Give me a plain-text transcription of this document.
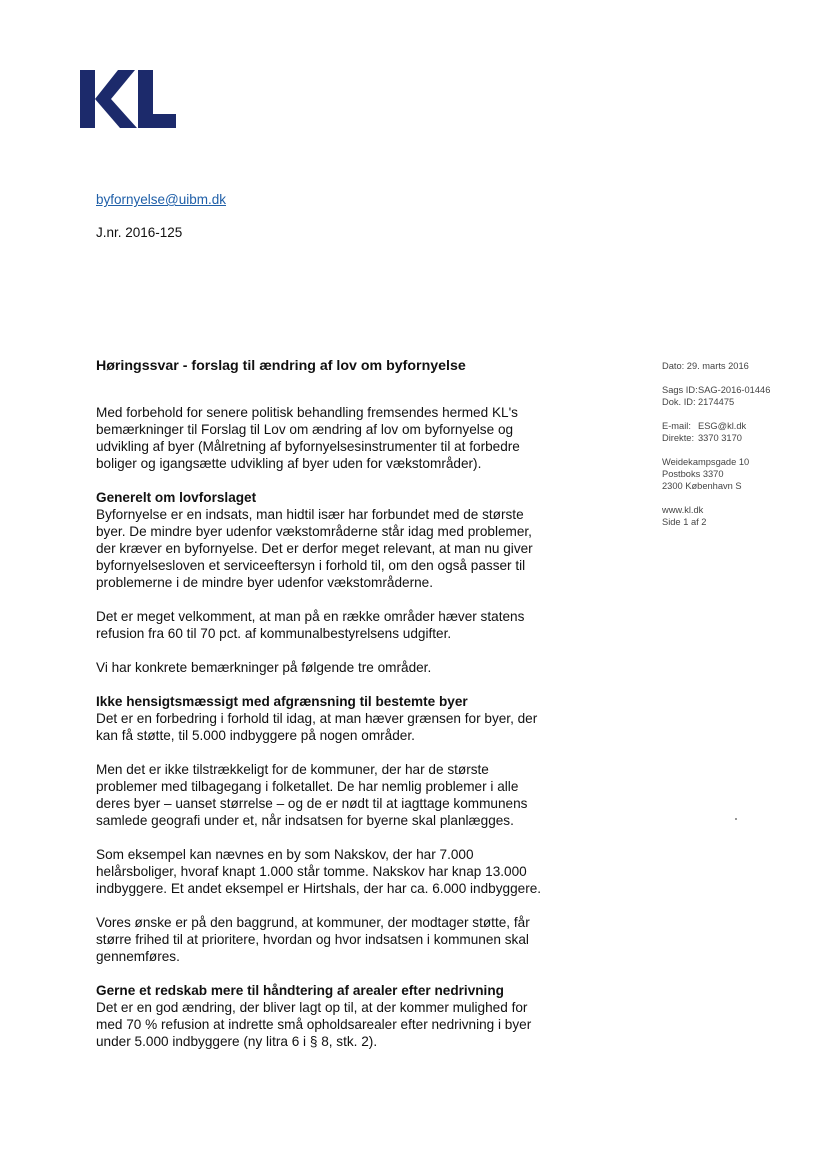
byfornyelse@uibm.dk
J.nr. 2016-125
Høringssvar - forslag til ændring af lov om byfornyelse
Med forbehold for senere politisk behandling fremsendes hermed KL's bemærkninger til Forslag til Lov om ændring af lov om byfornyelse og udvikling af byer (Målretning af byfornyelsesinstrumenter til at forbedre boliger og igangsætte udvikling af byer uden for vækstområder).
Generelt om lovforslaget
Byfornyelse er en indsats, man hidtil især har forbundet med de største byer. De mindre byer udenfor vækstområderne står idag med problemer, der kræver en byfornyelse. Det er derfor meget relevant, at man nu giver byfornyelsesloven et serviceeftersyn i forhold til, om den også passer til problemerne i de mindre byer udenfor vækstområderne.
Det er meget velkomment, at man på en række områder hæver statens refusion fra 60 til 70 pct. af kommunalbestyrelsens udgifter.
Vi har konkrete bemærkninger på følgende tre områder.
Ikke hensigtsmæssigt med afgrænsning til bestemte byer
Det er en forbedring i forhold til idag, at man hæver grænsen for byer, der kan få støtte, til 5.000 indbyggere på nogen områder.
Men det er ikke tilstrækkeligt for de kommuner, der har de største problemer med tilbagegang i folketallet. De har nemlig problemer i alle deres byer – uanset størrelse – og de er nødt til at iagttage kommunens samlede geografi under et, når indsatsen for byerne skal planlægges.
Som eksempel kan nævnes en by som Nakskov, der har 7.000 helårsboliger, hvoraf knapt 1.000 står tomme. Nakskov har knap 13.000 indbyggere. Et andet eksempel er Hirtshals, der har ca. 6.000 indbyggere.
Vores ønske er på den baggrund, at kommuner, der modtager støtte, får større frihed til at prioritere, hvordan og hvor indsatsen i kommunen skal gennemføres.
Gerne et redskab mere til håndtering af arealer efter nedrivning
Det er en god ændring, der bliver lagt op til, at der kommer mulighed for med 70 % refusion at indrette små opholdsarealer efter nedrivning i byer under 5.000 indbyggere (ny litra 6 i § 8, stk. 2).
Dato: 29. marts 2016
Sags ID:SAG-2016-01446
Dok. ID: 2174475
E-mail: ESG@kl.dk
Direkte: 3370 3170
Weidekampsgade 10
Postboks 3370
2300 København S
www.kl.dk
Side 1 af 2
